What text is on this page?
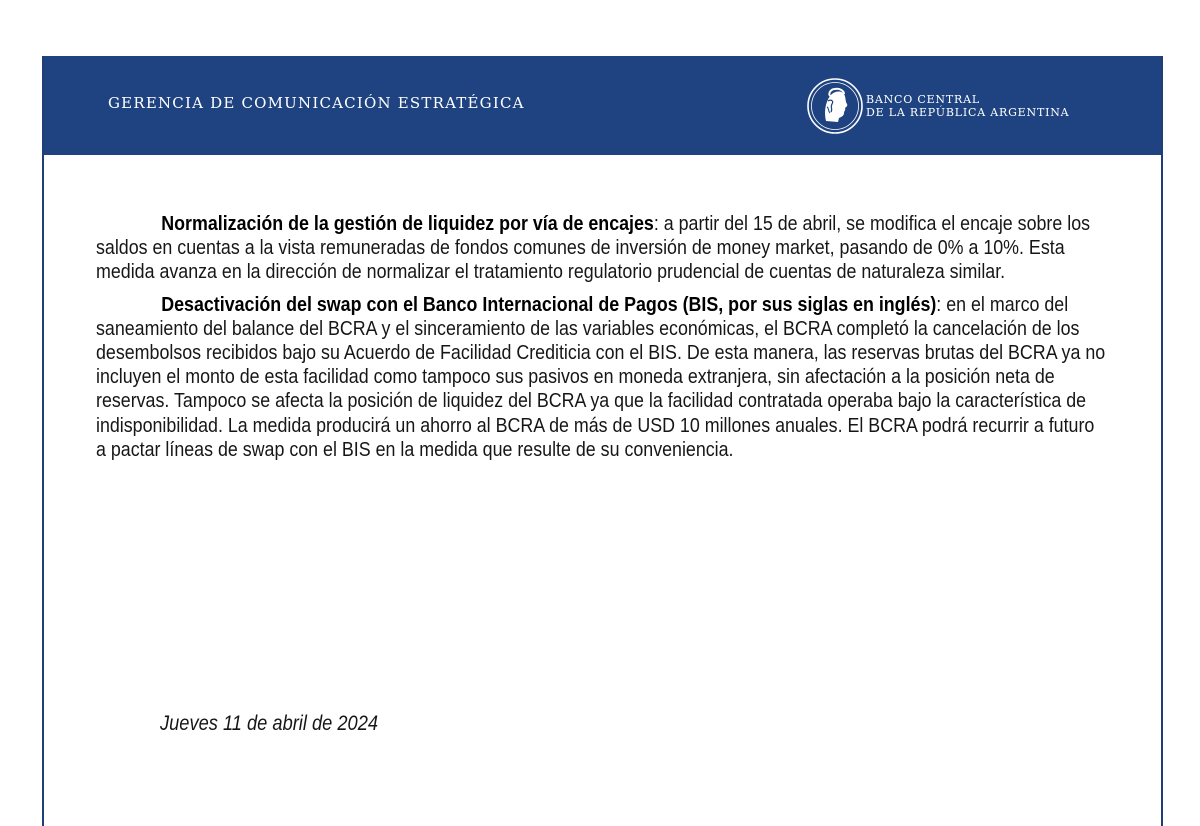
GERENCIA DE COMUNICACIÓN ESTRATÉGICA	BANCO CENTRAL
DE LA REPÚBLICA ARGENTINA

Normalización de la gestión de liquidez por vía de encajes: a partir del 15 de abril, se modifica el encaje sobre los saldos en cuentas a la vista remuneradas de fondos comunes de inversión de money market, pasando de 0% a 10%. Esta medida avanza en la dirección de normalizar el tratamiento regulatorio prudencial de cuentas de naturaleza similar.

Desactivación del swap con el Banco Internacional de Pagos (BIS, por sus siglas en inglés): en el marco del saneamiento del balance del BCRA y el sinceramiento de las variables económicas, el BCRA completó la cancelación de los desembolsos recibidos bajo su Acuerdo de Facilidad Crediticia con el BIS. De esta manera, las reservas brutas del BCRA ya no incluyen el monto de esta facilidad como tampoco sus pasivos en moneda extranjera, sin afectación a la posición neta de reservas. Tampoco se afecta la posición de liquidez del BCRA ya que la facilidad contratada operaba bajo la característica de indisponibilidad. La medida producirá un ahorro al BCRA de más de USD 10 millones anuales. El BCRA podrá recurrir a futuro a pactar líneas de swap con el BIS en la medida que resulte de su conveniencia.

Jueves 11 de abril de 2024
